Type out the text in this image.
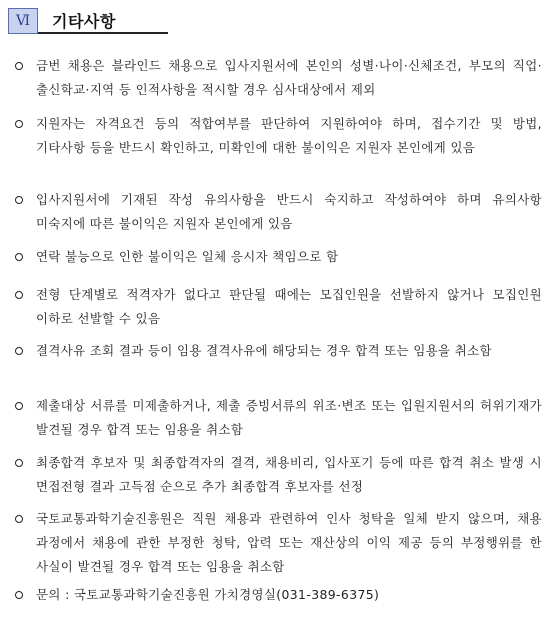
Ⅵ	기타사항
금번 채용은 블라인드 채용으로 입사지원서에 본인의 성별·나이·신체조건, 부모의 직업·출신학교·지역 등 인적사항을 적시할 경우 심사대상에서 제외
지원자는 자격요건 등의 적합여부를 판단하여 지원하여야 하며, 접수기간 및 방법, 기타사항 등을 반드시 확인하고, 미확인에 대한 불이익은 지원자 본인에게 있음
입사지원서에 기재된 작성 유의사항을 반드시 숙지하고 작성하여야 하며 유의사항 미숙지에 따른 불이익은 지원자 본인에게 있음
연락 불능으로 인한 불이익은 일체 응시자 책임으로 함
전형 단계별로 적격자가 없다고 판단될 때에는 모집인원을 선발하지 않거나 모집인원 이하로 선발할 수 있음
결격사유 조회 결과 등이 임용 결격사유에 해당되는 경우 합격 또는 임용을 취소함
제출대상 서류를 미제출하거나, 제출 증빙서류의 위조·변조 또는 입원지원서의 허위기재가 발견될 경우 합격 또는 임용을 취소함
최종합격 후보자 및 최종합격자의 결격, 채용비리, 입사포기 등에 따른 합격 취소 발생 시 면접전형 결과 고득점 순으로 추가 최종합격 후보자를 선정
국토교통과학기술진흥원은 직원 채용과 관련하여 인사 청탁을 일체 받지 않으며, 채용 과정에서 채용에 관한 부정한 청탁, 압력 또는 재산상의 이익 제공 등의 부정행위를 한 사실이 발견될 경우 합격 또는 임용을 취소함
문의 : 국토교통과학기술진흥원 가치경영실(031-389-6375)
